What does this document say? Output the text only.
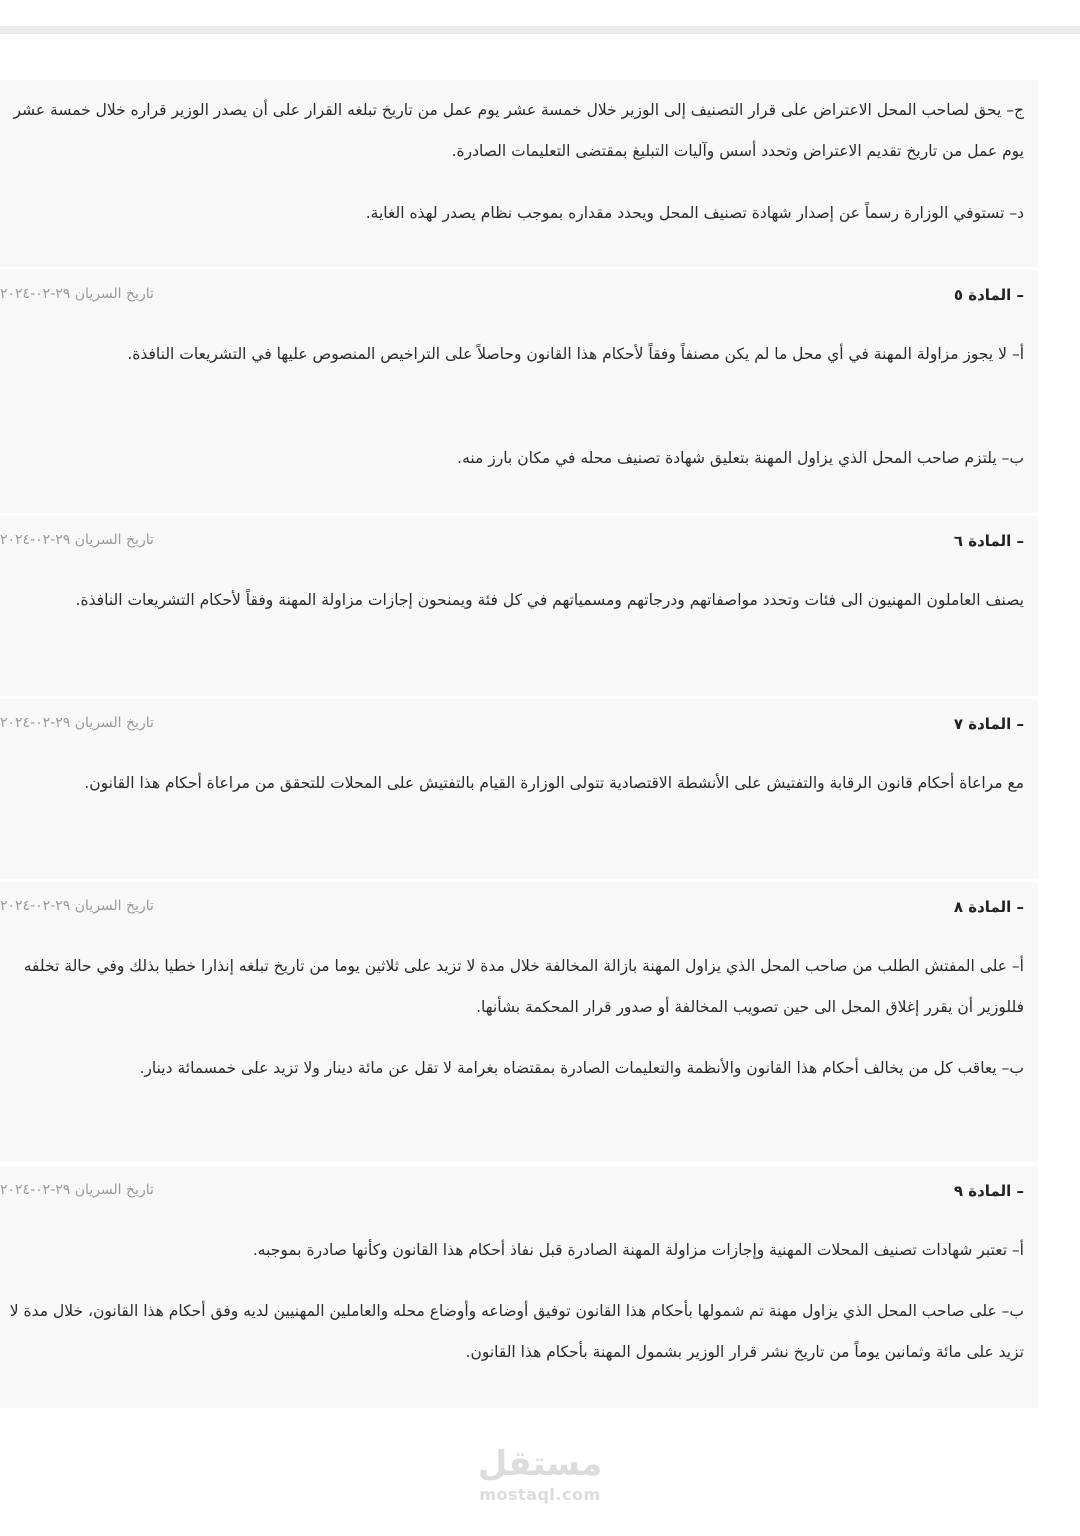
ج– يحق لصاحب المحل الاعتراض على قرار التصنيف إلى الوزير خلال خمسة عشر يوم عمل من تاريخ تبلغه القرار على أن يصدر الوزير قراره خلال خمسة عشر يوم عمل من تاريخ تقديم الاعتراض وتحدد أسس وآليات التبليغ بمقتضى التعليمات الصادرة.

د– تستوفي الوزارة رسماً عن إصدار شهادة تصنيف المحل ويحدد مقداره بموجب نظام يصدر لهذه الغاية.

– المادة ٥
تاريخ السريان ٢٩-٠٢-٢٠٢٤

أ– لا يجوز مزاولة المهنة في أي محل ما لم يكن مصنفاً وفقاً لأحكام هذا القانون وحاصلاً على التراخيص المنصوص عليها في التشريعات النافذة.

ب– يلتزم صاحب المحل الذي يزاول المهنة بتعليق شهادة تصنيف محله في مكان بارز منه.

– المادة ٦
تاريخ السريان ٢٩-٠٢-٢٠٢٤

يصنف العاملون المهنيون الى فئات وتحدد مواصفاتهم ودرجاتهم ومسمياتهم في كل فئة ويمنحون إجازات مزاولة المهنة وفقاً لأحكام التشريعات النافذة.

– المادة ٧
تاريخ السريان ٢٩-٠٢-٢٠٢٤

مع مراعاة أحكام قانون الرقابة والتفتيش على الأنشطة الاقتصادية تتولى الوزارة القيام بالتفتيش على المحلات للتحقق من مراعاة أحكام هذا القانون.

– المادة ٨
تاريخ السريان ٢٩-٠٢-٢٠٢٤

أ– على المفتش الطلب من صاحب المحل الذي يزاول المهنة بازالة المخالفة خلال مدة لا تزيد على ثلاثين يوما من تاريخ تبلغه إنذارا خطيا بذلك وفي حالة تخلفه فللوزير أن يقرر إغلاق المحل الى حين تصويب المخالفة أو صدور قرار المحكمة بشأنها.

ب– يعاقب كل من يخالف أحكام هذا القانون والأنظمة والتعليمات الصادرة بمقتضاه بغرامة لا تقل عن مائة دينار ولا تزيد على خمسمائة دينار.

– المادة ٩
تاريخ السريان ٢٩-٠٢-٢٠٢٤

أ– تعتبر شهادات تصنيف المحلات المهنية وإجازات مزاولة المهنة الصادرة قبل نفاذ أحكام هذا القانون وكأنها صادرة بموجبه.

ب– على صاحب المحل الذي يزاول مهنة تم شمولها بأحكام هذا القانون توفيق أوضاعه وأوضاع محله والعاملين المهنيين لديه وفق أحكام هذا القانون، خلال مدة لا تزيد على مائة وثمانين يوماً من تاريخ نشر قرار الوزير بشمول المهنة بأحكام هذا القانون.

مستقل
mostaql.com
